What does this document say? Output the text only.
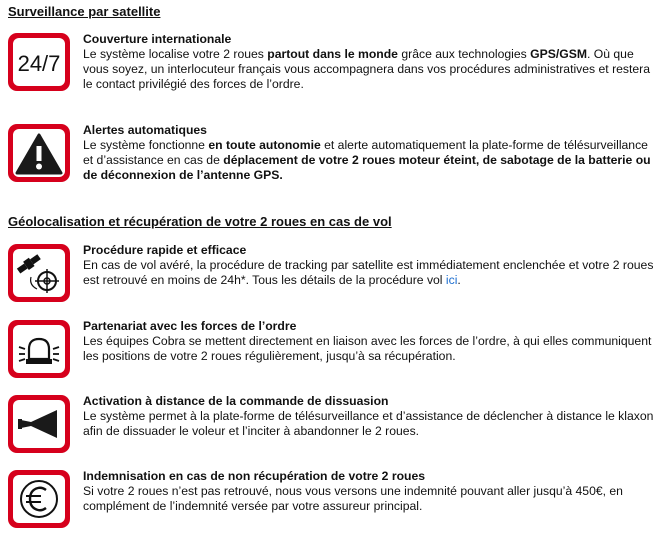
Surveillance par satellite
24/7
Couverture internationale
Le système localise votre 2 roues partout dans le monde grâce aux technologies GPS/GSM. Où que vous soyez, un interlocuteur français vous accompagnera dans vos procédures administratives et restera le contact privilégié des forces de l’ordre.
Alertes automatiques
Le système fonctionne en toute autonomie et alerte automatiquement la plate-forme de télésurveillance et d’assistance en cas de déplacement de votre 2 roues moteur éteint, de sabotage de la batterie ou de déconnexion de l’antenne GPS.
Géolocalisation et récupération de votre 2 roues en cas de vol
Procédure rapide et efficace
En cas de vol avéré, la procédure de tracking par satellite est immédiatement enclenchée et votre 2 roues est retrouvé en moins de 24h*. Tous les détails de la procédure vol ici.
Partenariat avec les forces de l’ordre
Les équipes Cobra se mettent directement en liaison avec les forces de l’ordre, à qui elles communiquent les positions de votre 2 roues régulièrement, jusqu’à sa récupération.
Activation à distance de la commande de dissuasion
Le système permet à la plate-forme de télésurveillance et d’assistance de déclencher à distance le klaxon afin de dissuader le voleur et l’inciter à abandonner le 2 roues.
Indemnisation en cas de non récupération de votre 2 roues
Si votre 2 roues n’est pas retrouvé, nous vous versons une indemnité pouvant aller jusqu’à 450€, en complément de l’indemnité versée par votre assureur principal.
